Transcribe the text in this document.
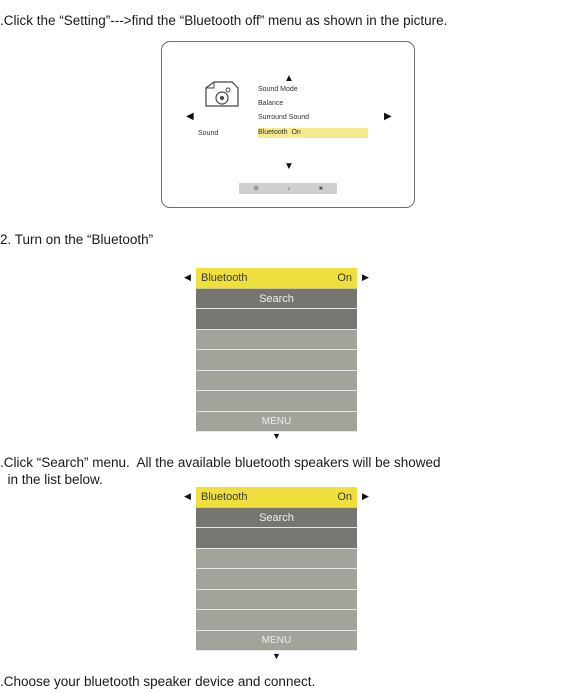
.Click the “Setting”--->find the “Bluetooth off” menu as shown in the picture.

Sound
▲
◀	▶
▼
Sound Mode
Balance
Surround Sound
Bluetooth  On
⚙	♪	■

2. Turn on the “Bluetooth”

◀	▶
Bluetooth	On
Search
MENU
▼

.Click “Search” menu.  All the available bluetooth speakers will be showed

in the list below.

◀	▶
Bluetooth	On
Search
MENU
▼

.Choose your bluetooth speaker device and connect.
